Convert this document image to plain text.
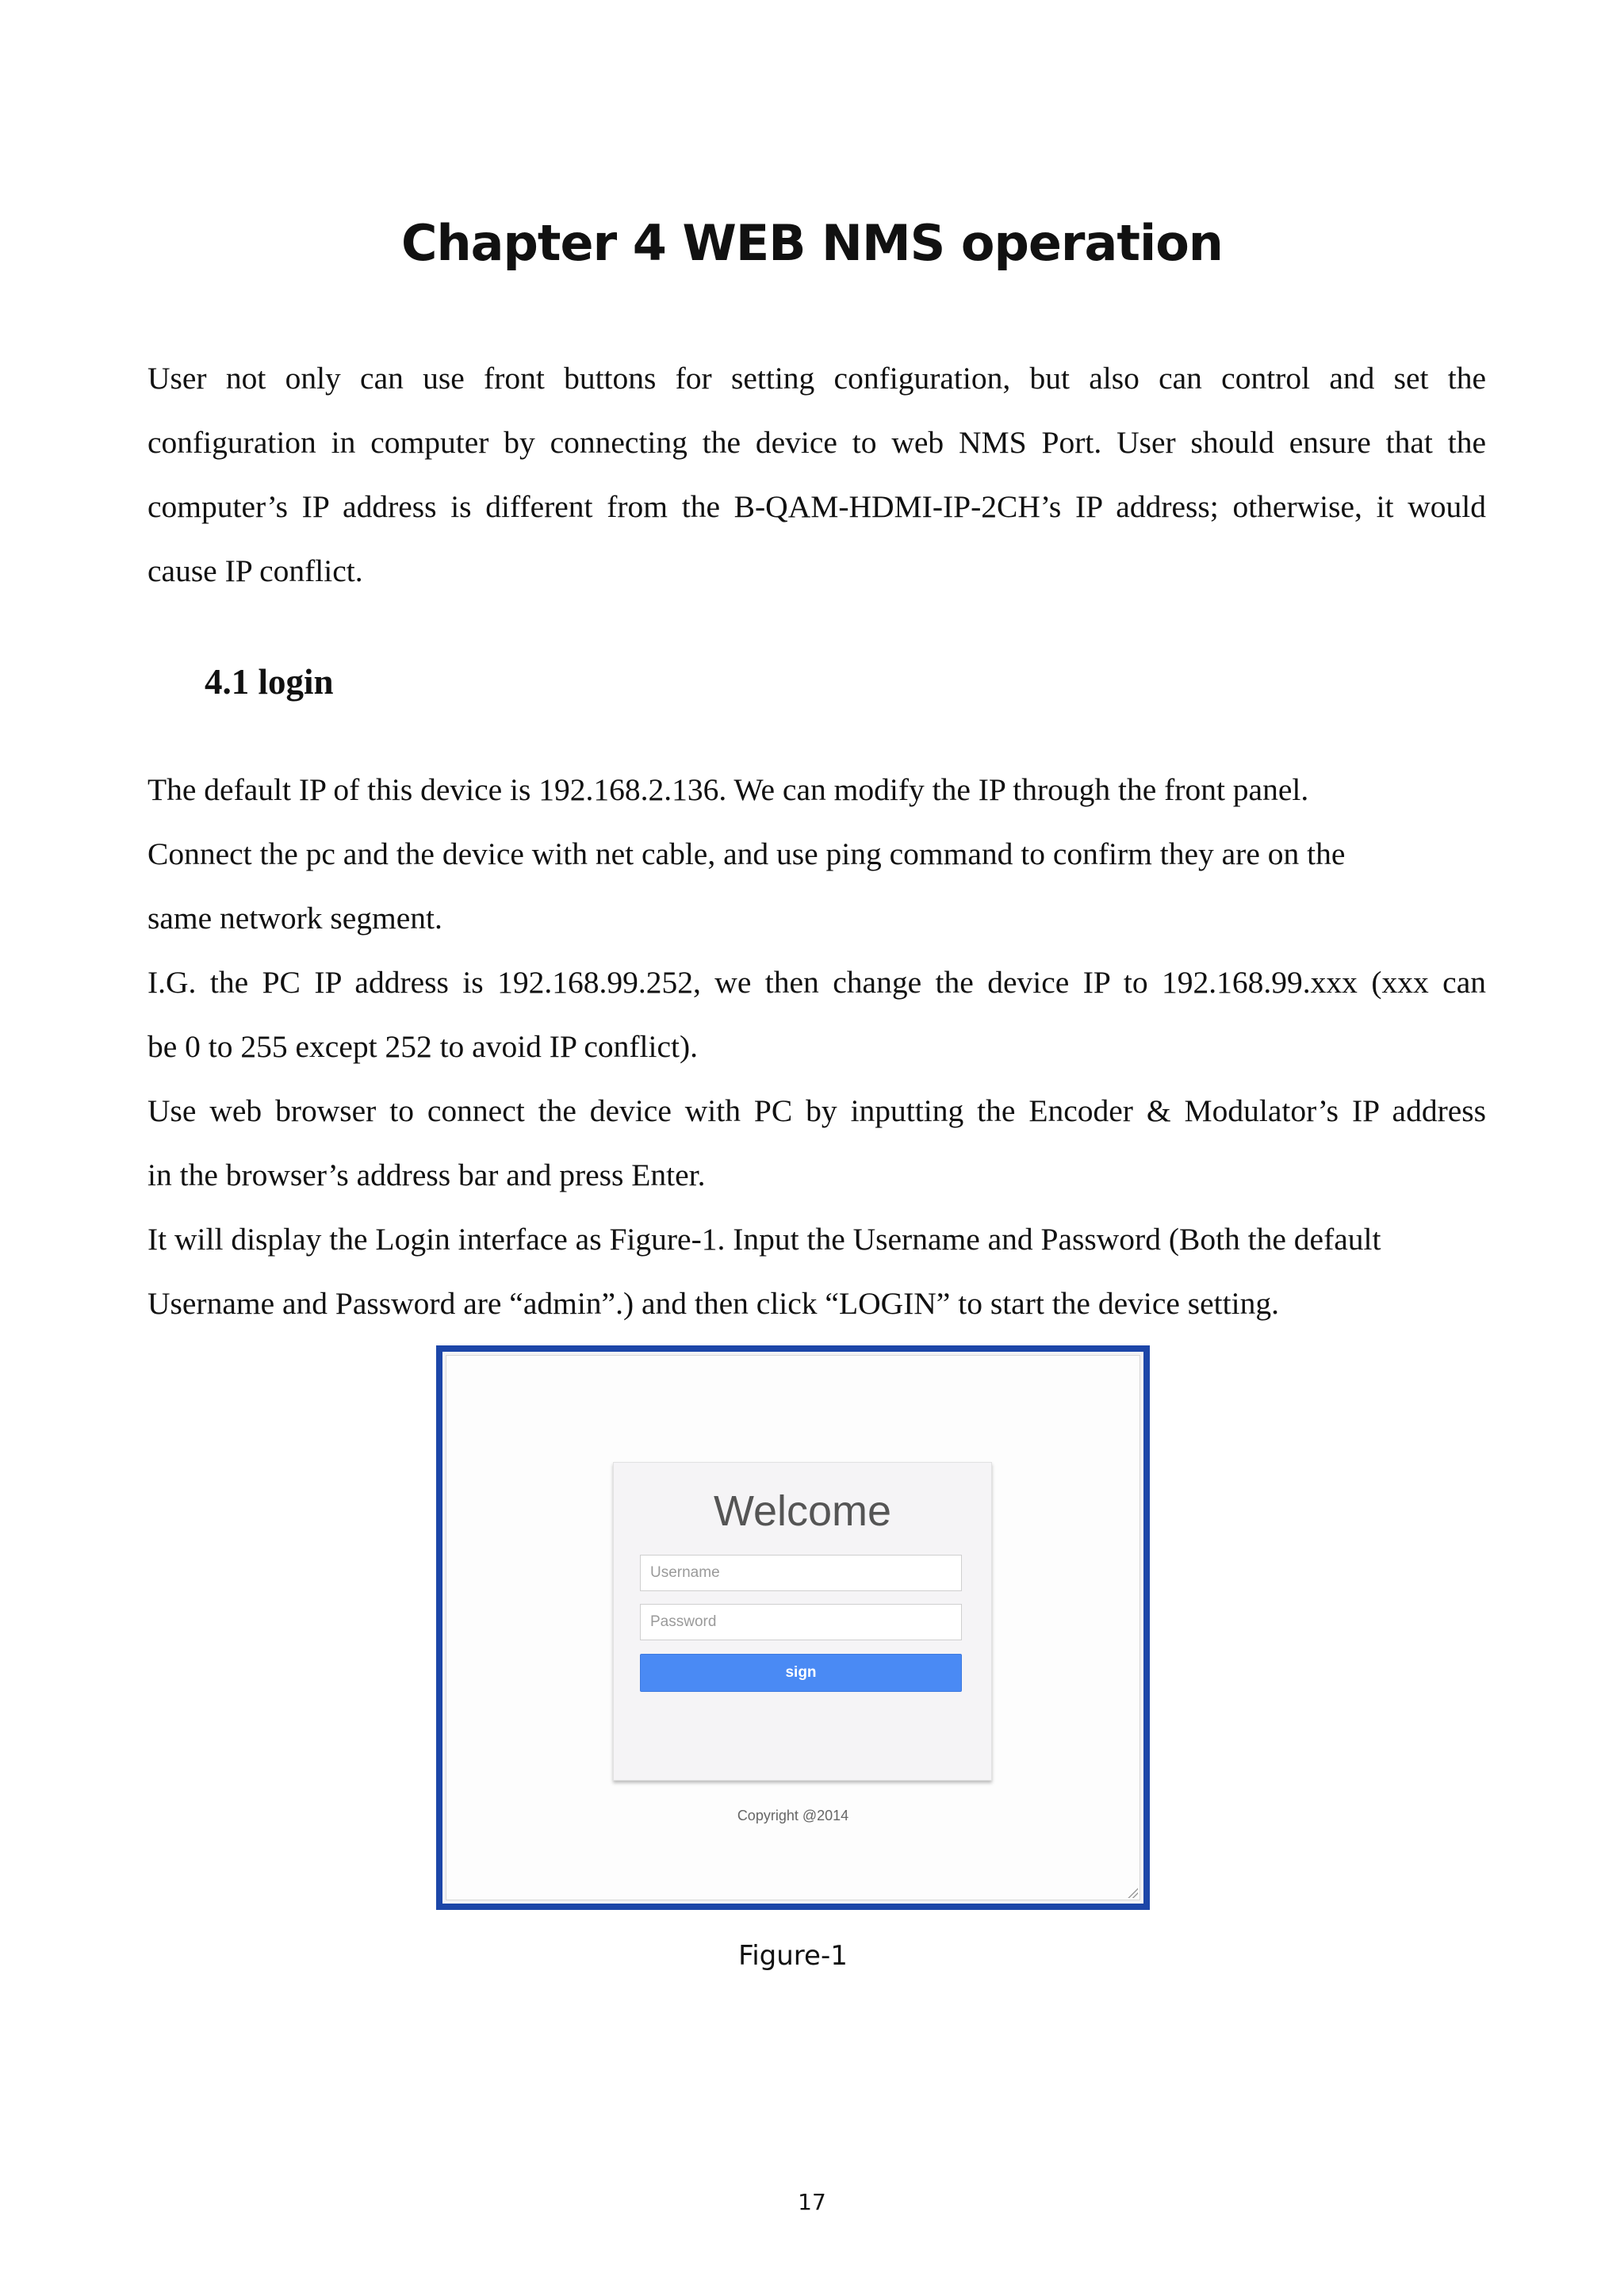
Chapter 4 WEB NMS operation

User not only can use front buttons for setting configuration, but also can control and set the
configuration in computer by connecting the device to web NMS Port. User should ensure that the
computer’s IP address is different from the B-QAM-HDMI-IP-2CH’s IP address; otherwise, it would
cause IP conflict.

4.1 login

The default IP of this device is 192.168.2.136. We can modify the IP through the front panel.
Connect the pc and the device with net cable, and use ping command to confirm they are on the
same network segment.
I.G. the PC IP address is 192.168.99.252, we then change the device IP to 192.168.99.xxx (xxx can
be 0 to 255 except 252 to avoid IP conflict).
Use web browser to connect the device with PC by inputting the Encoder & Modulator’s IP address
in the browser’s address bar and press Enter.
It will display the Login interface as Figure-1. Input the Username and Password (Both the default
Username and Password are “admin”.) and then click “LOGIN” to start the device setting.

Welcome
Username
sign
Copyright @2014

Figure-1

17
